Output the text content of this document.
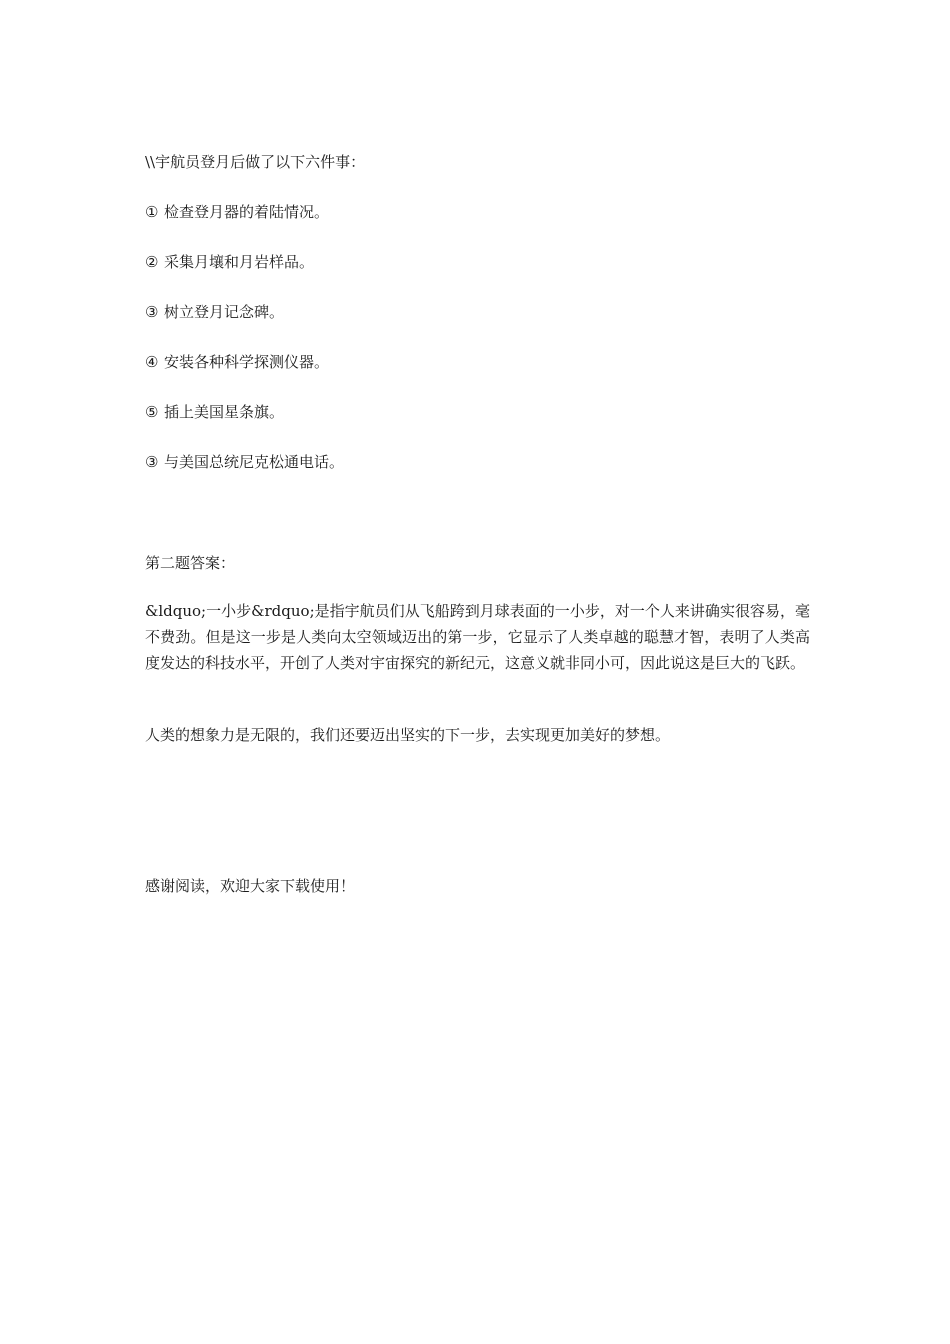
\\宇航员登月后做了以下六件事：

① 检查登月器的着陆情况。

② 采集月壤和月岩样品。

③ 树立登月记念碑。

④ 安装各种科学探测仪器。

⑤ 插上美国星条旗。

③ 与美国总统尼克松通电话。

第二题答案：

&ldquo;一小步&rdquo;是指宇航员们从飞船跨到月球表面的一小步，对一个人来讲确实很容易，毫不费劲。但是这一步是人类向太空领域迈出的第一步，它显示了人类卓越的聪慧才智，表明了人类高度发达的科技水平，开创了人类对宇宙探究的新纪元，这意义就非同小可，因此说这是巨大的飞跃。

人类的想象力是无限的，我们还要迈出坚实的下一步，去实现更加美好的梦想。

感谢阅读，欢迎大家下载使用！
